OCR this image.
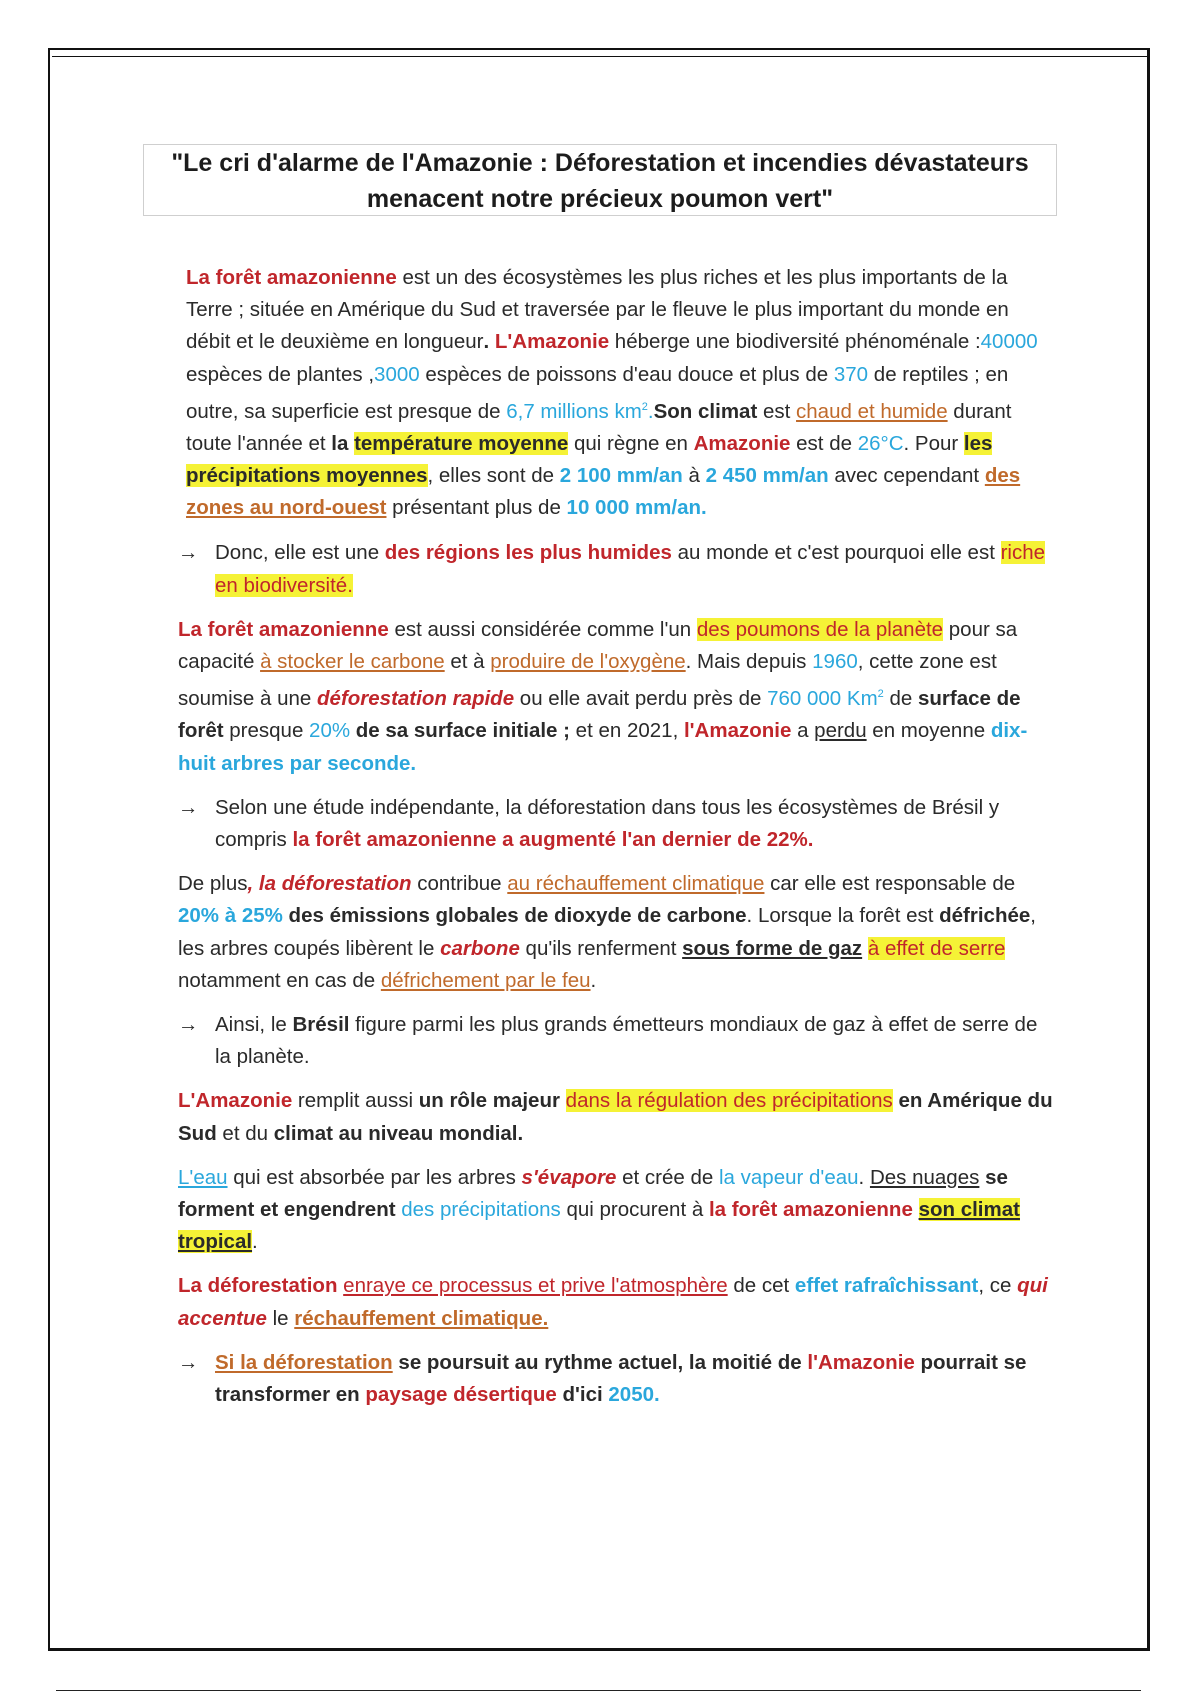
"Le cri d'alarme de l'Amazonie : Déforestation et incendies dévastateurs
menacent notre précieux poumon vert"

La forêt amazonienne est un des écosystèmes les plus riches et les plus importants de la Terre ; située en Amérique du Sud et traversée par le fleuve le plus important du monde en débit et le deuxième en longueur. L'Amazonie héberge une biodiversité phénoménale :40000 espèces de plantes ,3000 espèces de poissons d'eau douce et plus de 370 de reptiles ; en outre, sa superficie est presque de 6,7 millions $km^2.Son$ climat est chaud et humide durant toute l'année et la température moyenne qui règne en Amazonie est de 26°C. Pour les précipitations moyennes, elles sont de 2 100 mm/an à 2 450 mm/an avec cependant des zones au nord-ouest présentant plus de 10 000 mm/an.

→ Donc, elle est une des régions les plus humides au monde et c'est pourquoi elle est riche en biodiversité.

La forêt amazonienne est aussi considérée comme l'un des poumons de la planète pour sa capacité à stocker le carbone et à produire de l'oxygène. Mais depuis 1960, cette zone est soumise à une déforestation rapide ou elle avait perdu près de 760 000 Km$^2$ de surface de forêt presque 20% de sa surface initiale ; et en 2021, l'Amazonie a perdu en moyenne dix-huit arbres par seconde.

→ Selon une étude indépendante, la déforestation dans tous les écosystèmes de Brésil y compris la forêt amazonienne a augmenté l'an dernier de 22%.

De plus, la déforestation contribue au réchauffement climatique car elle est responsable de 20% à 25% des émissions globales de dioxyde de carbone. Lorsque la forêt est défrichée, les arbres coupés libèrent le carbone qu'ils renferment sous forme de gaz à effet de serre notamment en cas de défrichement par le feu.

→ Ainsi, le Brésil figure parmi les plus grands émetteurs mondiaux de gaz à effet de serre de la planète.

L'Amazonie remplit aussi un rôle majeur dans la régulation des précipitations en Amérique du Sud et du climat au niveau mondial.

L'eau qui est absorbée par les arbres s'évapore et crée de la vapeur d'eau. Des nuages se forment et engendrent des précipitations qui procurent à la forêt amazonienne son climat tropical.

La déforestation enraye ce processus et prive l'atmosphère de cet effet rafraîchissant, ce qui accentue le réchauffement climatique.

→ Si la déforestation se poursuit au rythme actuel, la moitié de l'Amazonie pourrait se transformer en paysage désertique d'ici 2050.
